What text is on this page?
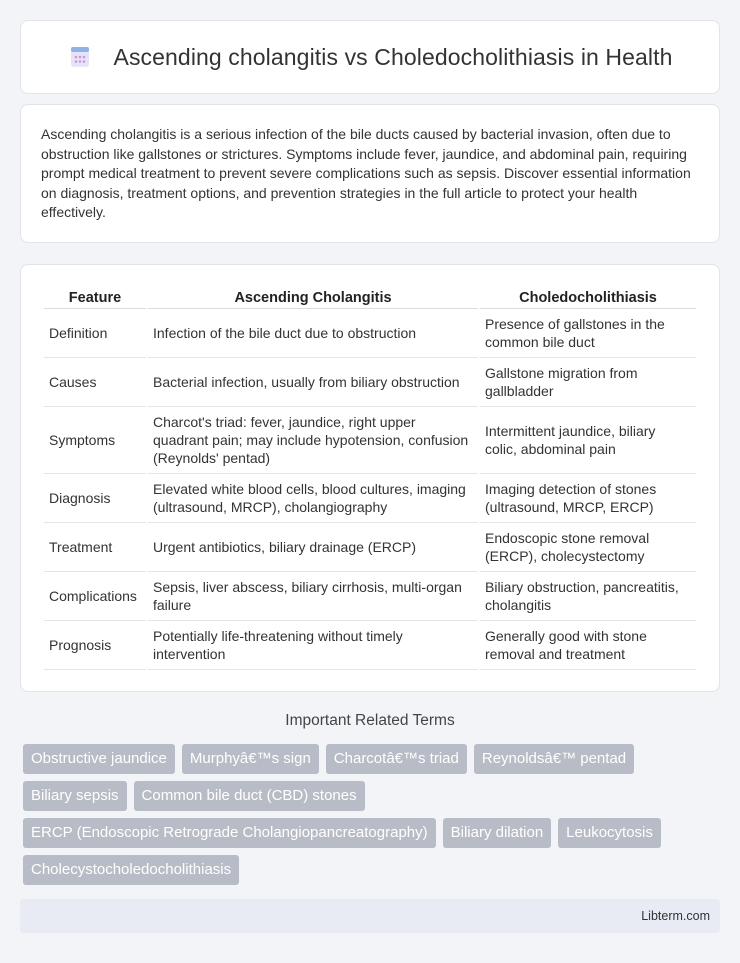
Ascending cholangitis vs Choledocholithiasis in Health

Ascending cholangitis is a serious infection of the bile ducts caused by bacterial invasion, often due to obstruction like gallstones or strictures. Symptoms include fever, jaundice, and abdominal pain, requiring prompt medical treatment to prevent severe complications such as sepsis. Discover essential information on diagnosis, treatment options, and prevention strategies in the full article to protect your health effectively.

Feature	Ascending Cholangitis	Choledocholithiasis
Definition	Infection of the bile duct due to obstruction	Presence of gallstones in the common bile duct
Causes	Bacterial infection, usually from biliary obstruction	Gallstone migration from gallbladder
Symptoms	Charcot's triad: fever, jaundice, right upper quadrant pain; may include hypotension, confusion (Reynolds' pentad)	Intermittent jaundice, biliary colic, abdominal pain
Diagnosis	Elevated white blood cells, blood cultures, imaging (ultrasound, MRCP), cholangiography	Imaging detection of stones (ultrasound, MRCP, ERCP)
Treatment	Urgent antibiotics, biliary drainage (ERCP)	Endoscopic stone removal (ERCP), cholecystectomy
Complications	Sepsis, liver abscess, biliary cirrhosis, multi-organ failure	Biliary obstruction, pancreatitis, cholangitis
Prognosis	Potentially life-threatening without timely intervention	Generally good with stone removal and treatment
Important Related Terms
Obstructive jaundice	Murphyâ€™s sign	Charcotâ€™s triad	Reynoldsâ€™ pentad
Biliary sepsis	Common bile duct (CBD) stones
ERCP (Endoscopic Retrograde Cholangiopancreatography)	Biliary dilation	Leukocytosis
Cholecystocholedocholithiasis
Libterm.com
